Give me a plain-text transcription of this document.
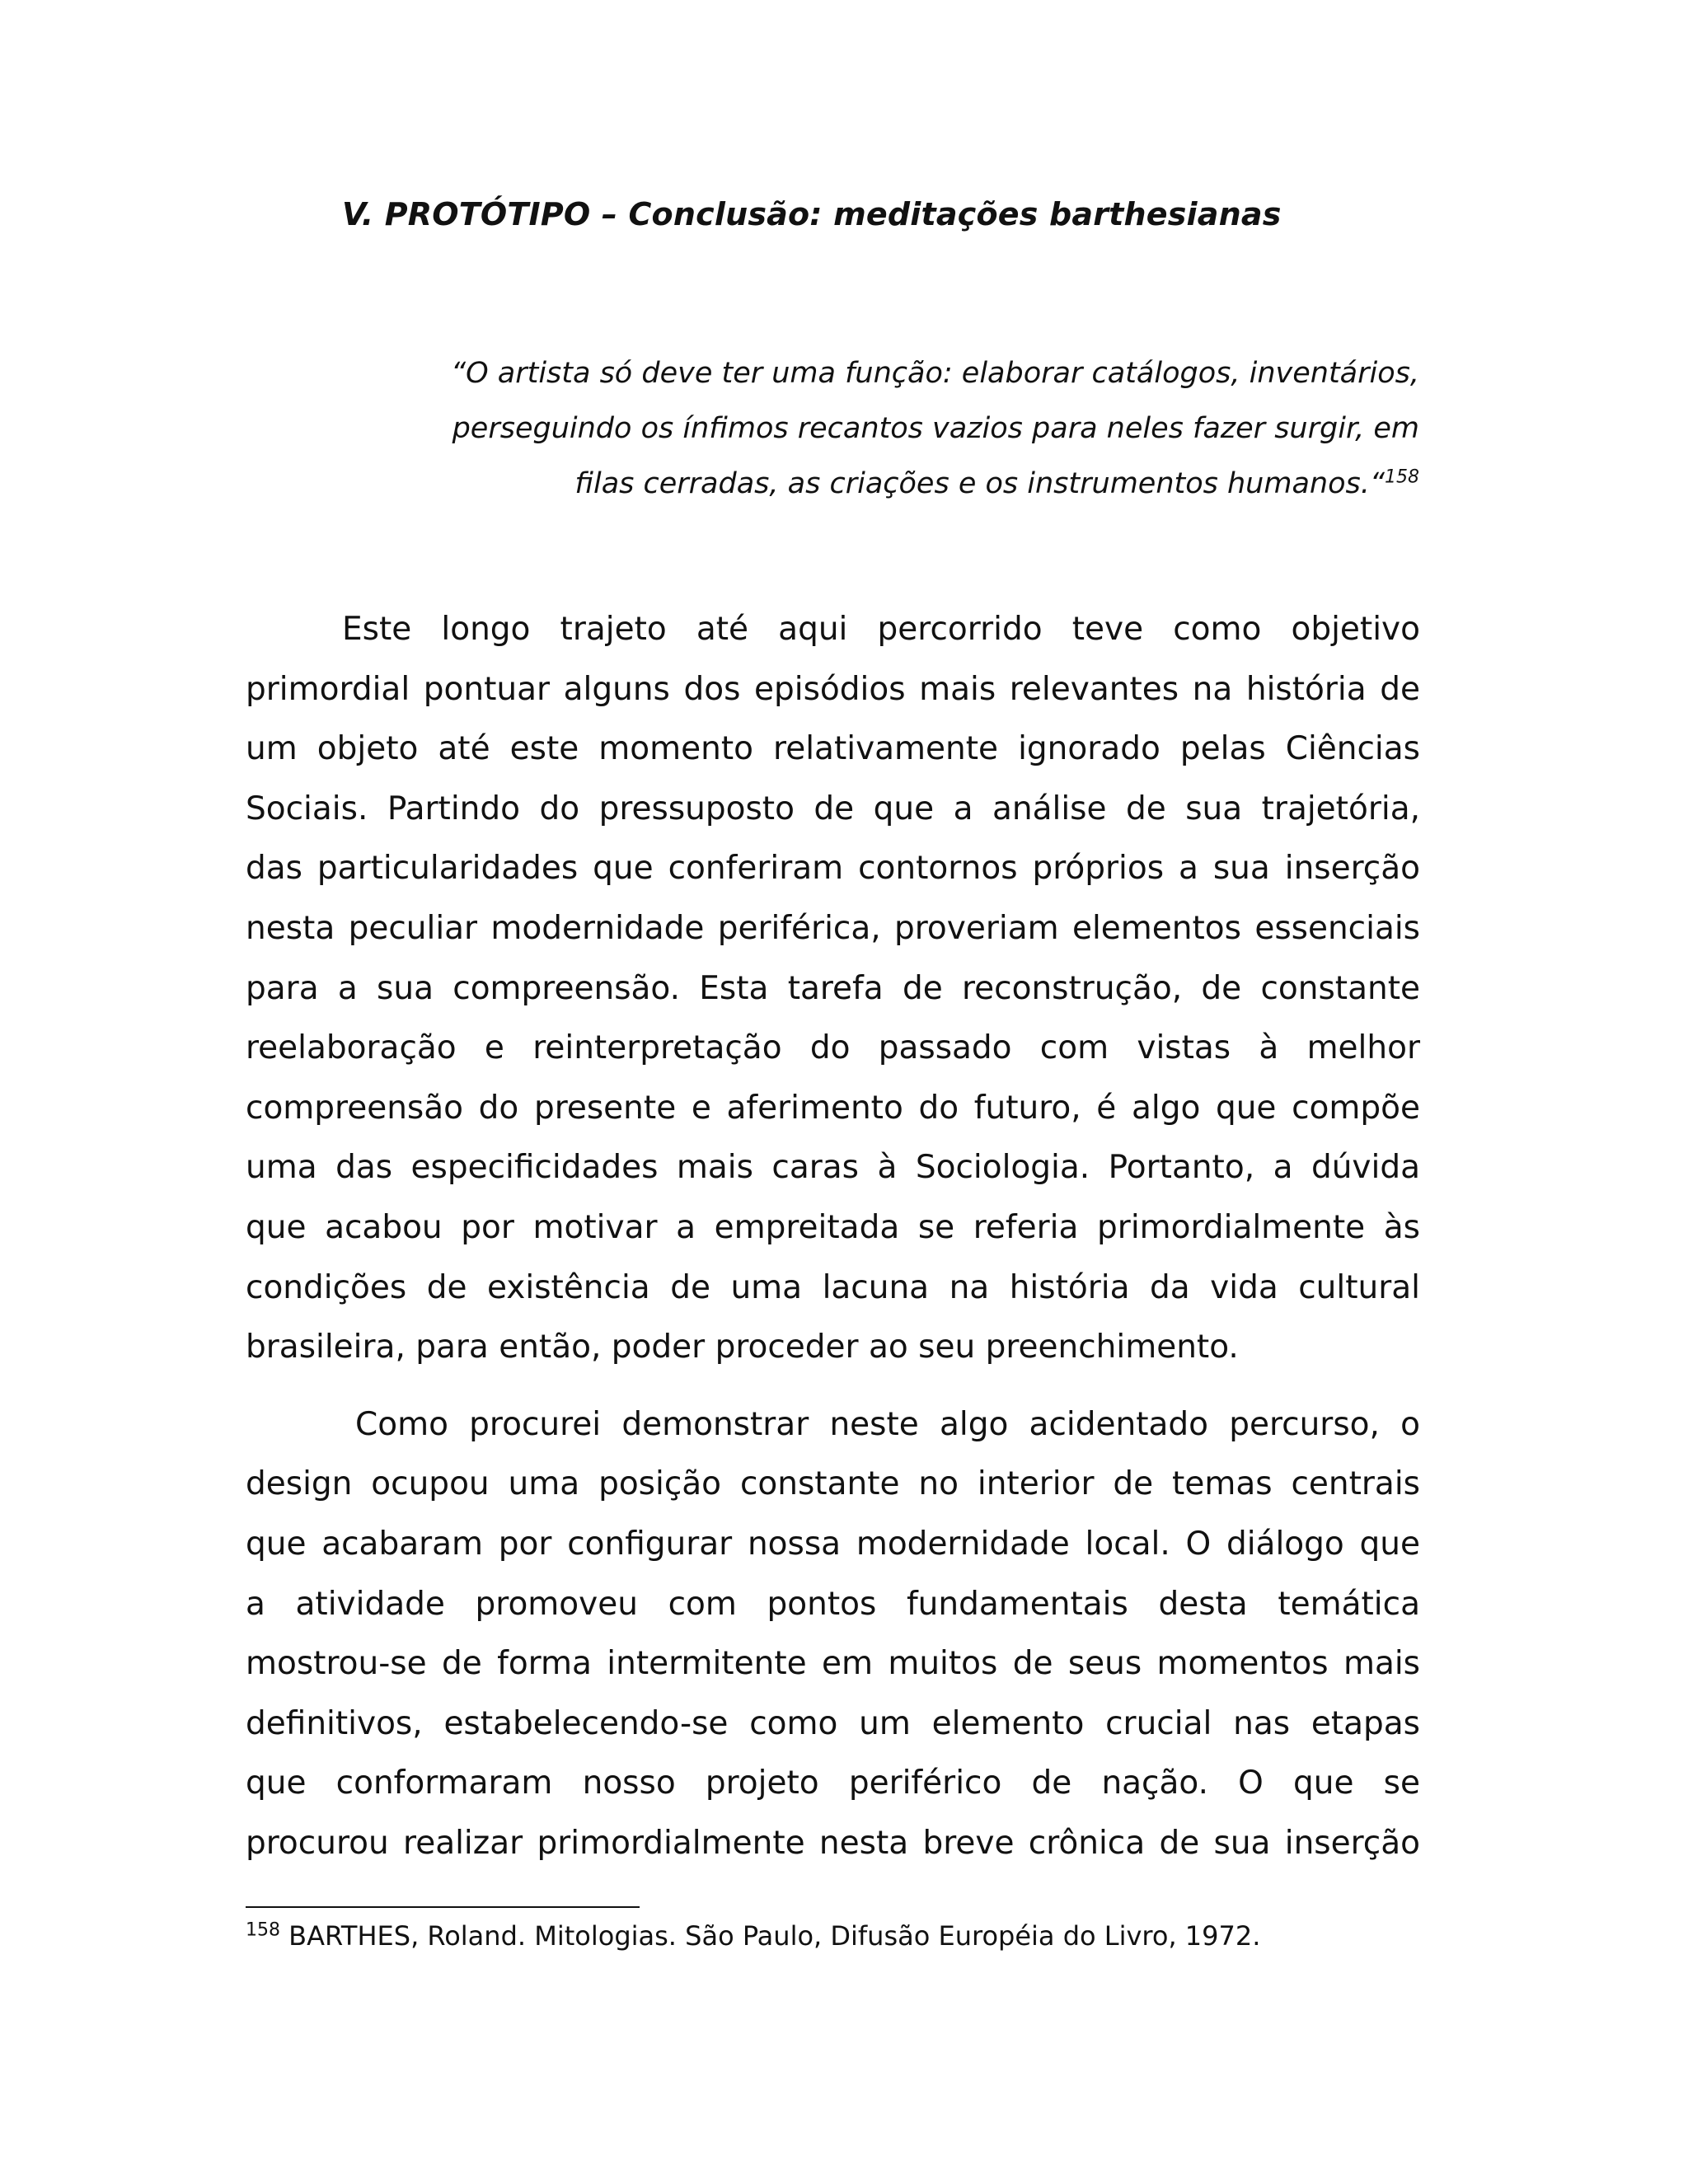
V. PROTÓTIPO – Conclusão: meditações barthesianas
“O artista só deve ter uma função: elaborar catálogos, inventários,
perseguindo os ínfimos recantos vazios para neles fazer surgir, em
filas cerradas, as criações e os instrumentos humanos.“$^{158}$
Este longo trajeto até aqui percorrido teve como objetivo
primordial pontuar alguns dos episódios mais relevantes na história de
um objeto até este momento relativamente ignorado pelas Ciências
Sociais. Partindo do pressuposto de que a análise de sua trajetória,
das particularidades que conferiram contornos próprios a sua inserção
nesta peculiar modernidade periférica, proveriam elementos essenciais
para a sua compreensão. Esta tarefa de reconstrução, de constante
reelaboração e reinterpretação do passado com vistas à melhor
compreensão do presente e aferimento do futuro, é algo que compõe
uma das especificidades mais caras à Sociologia. Portanto, a dúvida
que acabou por motivar a empreitada se referia primordialmente às
condições de existência de uma lacuna na história da vida cultural
brasileira, para então, poder proceder ao seu preenchimento.
Como procurei demonstrar neste algo acidentado percurso, o
design ocupou uma posição constante no interior de temas centrais
que acabaram por configurar nossa modernidade local. O diálogo que
a atividade promoveu com pontos fundamentais desta temática
mostrou-se de forma intermitente em muitos de seus momentos mais
definitivos, estabelecendo-se como um elemento crucial nas etapas
que conformaram nosso projeto periférico de nação. O que se
procurou realizar primordialmente nesta breve crônica de sua inserção
$^{158}$ BARTHES, Roland. Mitologias. São Paulo, Difusão Européia do Livro, 1972.
